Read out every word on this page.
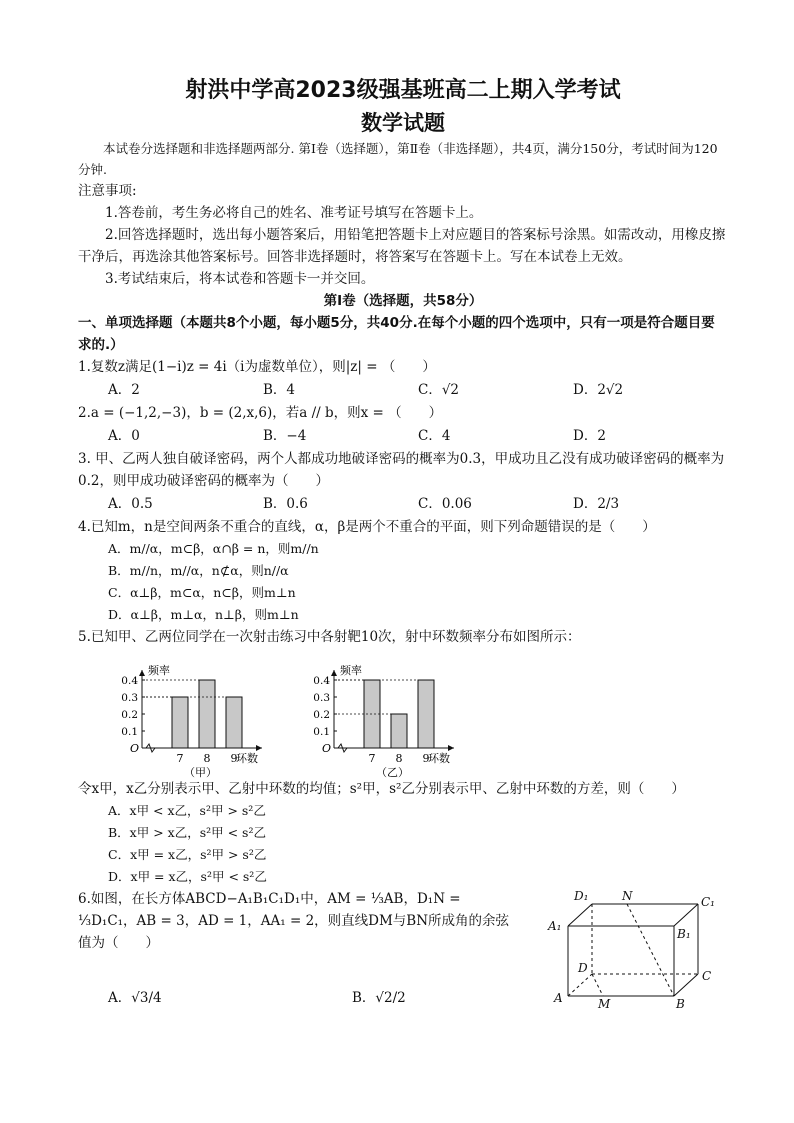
射洪中学高2023级强基班高二上期入学考试
数学试题
本试卷分选择题和非选择题两部分. 第Ⅰ卷（选择题），第Ⅱ卷（非选择题），共4页，满分150分，考试时间为120分钟.
注意事项:
1.答卷前，考生务必将自己的姓名、准考证号填写在答题卡上。
2.回答选择题时，选出每小题答案后，用铅笔把答题卡上对应题目的答案标号涂黑。如需改动，用橡皮擦干净后，再选涂其他答案标号。回答非选择题时，将答案写在答题卡上。写在本试卷上无效。
3.考试结束后，将本试卷和答题卡一并交回。
第Ⅰ卷（选择题，共58分）
一、单项选择题（本题共8个小题，每小题5分，共40分.在每个小题的四个选项中，只有一项是符合题目要求的.）
1.复数z满足(1−i)z = 4i（i为虚数单位），则|z| = （　　）
A．2	B．4	C．√2	D．2√2
2.a = (−1,2,−3)，b = (2,x,6)，若a // b，则x = （　　）
A．0	B．−4	C．4	D．2
3. 甲、乙两人独自破译密码，两个人都成功地破译密码的概率为0.3，甲成功且乙没有成功破译密码的概率为0.2，则甲成功破译密码的概率为（　　）
A．0.5	B．0.6	C．0.06	D．2/3
4.已知m，n是空间两条不重合的直线，α，β是两个不重合的平面，则下列命题错误的是（　　）
A．m//α，m⊂β，α∩β = n，则m//n
B．m//n，m//α，n⊄α，则n//α
C．α⊥β，m⊂α，n⊂β，则m⊥n
D．α⊥β，m⊥α，n⊥β，则m⊥n
5.已知甲、乙两位同学在一次射击练习中各射靶10次，射中环数频率分布如图所示：
频率
环数
O
（甲）
0.4
0.3
0.2
0.1
7 8 9
频率
环数
O
（乙）
0.4
0.3
0.2
0.1
7 8 9
令x甲，x乙分别表示甲、乙射中环数的均值；s²甲，s²乙分别表示甲、乙射中环数的方差，则（　　）
A．x甲 < x乙，s²甲 > s²乙
B．x甲 > x乙，s²甲 < s²乙
C．x甲 = x乙，s²甲 > s²乙
D．x甲 = x乙，s²甲 < s²乙
6.如图，在长方体ABCD−A₁B₁C₁D₁中，AM = ⅓AB，D₁N = ⅓D₁C₁，AB = 3，AD = 1，AA₁ = 2，则直线DM与BN所成角的余弦值为（　　）
A．√3/4	B．√2/2
D₁	N	C₁
A₁
B₁
D
C
A	M	B
